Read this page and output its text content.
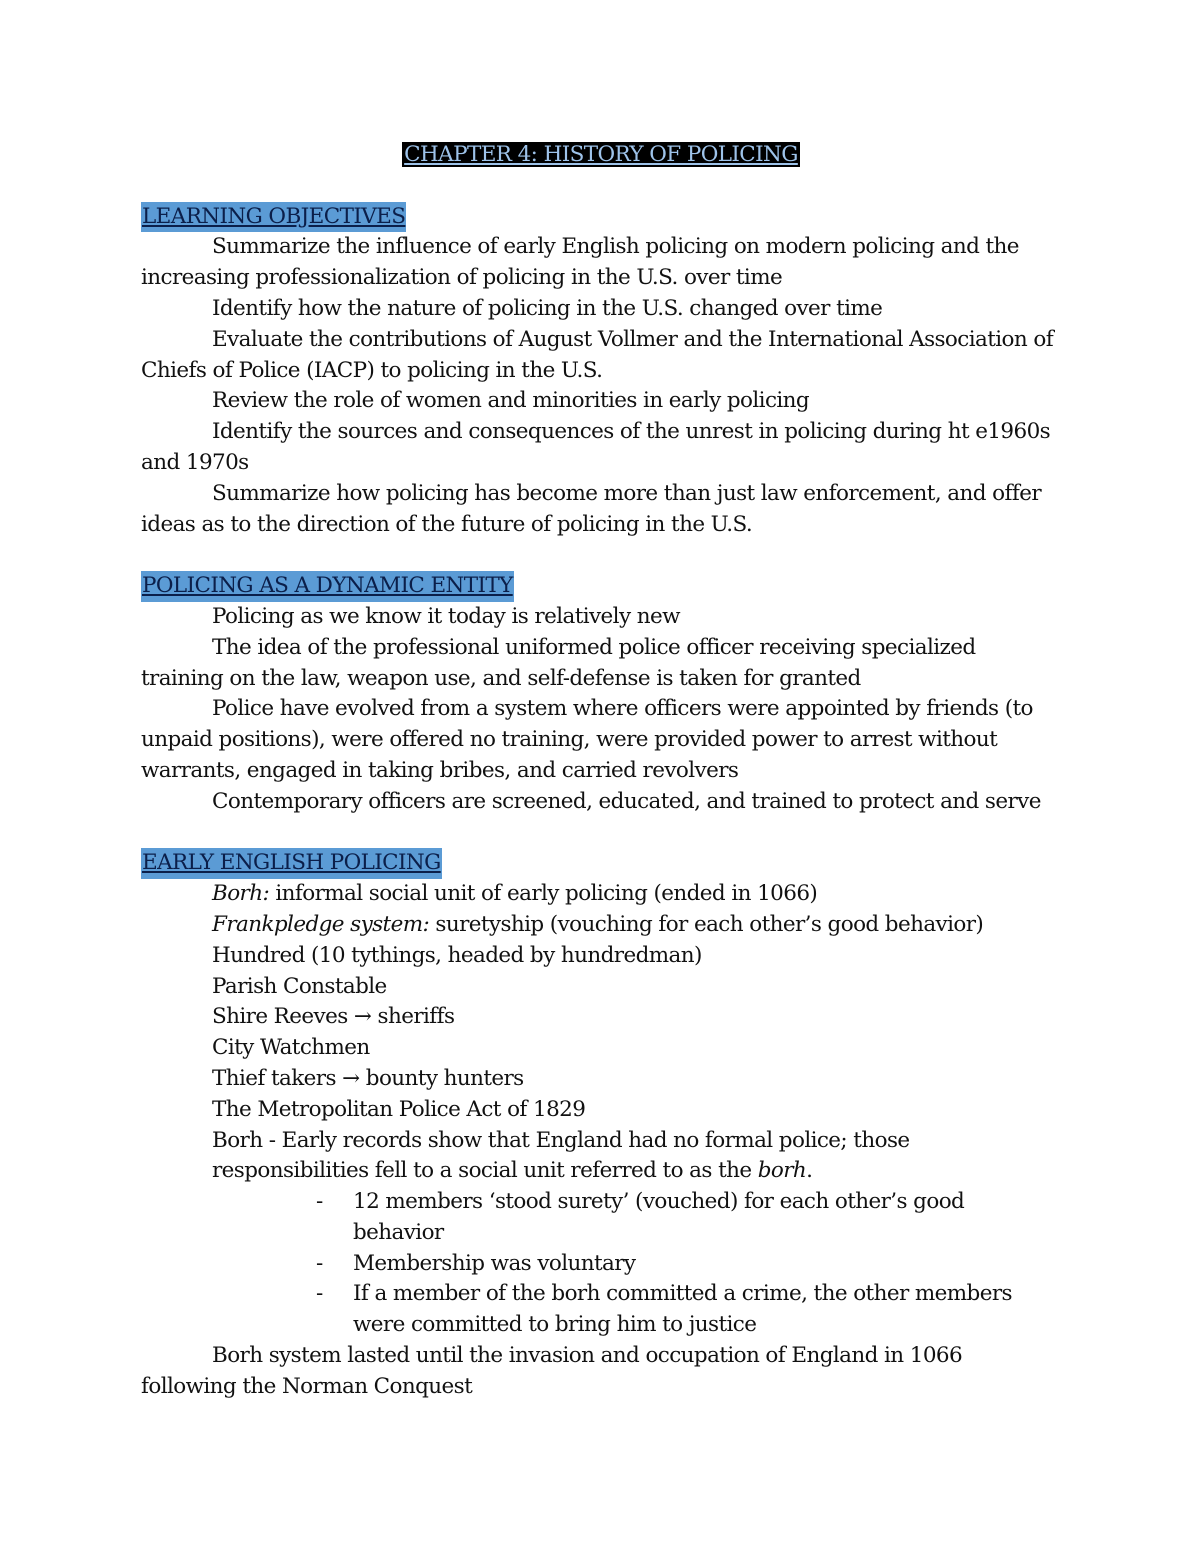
CHAPTER 4: HISTORY OF POLICING
LEARNING OBJECTIVES

Summarize the influence of early English policing on modern policing and the increasing professionalization of policing in the U.S. over time

Identify how the nature of policing in the U.S. changed over time

Evaluate the contributions of August Vollmer and the International Association of Chiefs of Police (IACP) to policing in the U.S.

Review the role of women and minorities in early policing

Identify the sources and consequences of the unrest in policing during ht e1960s and 1970s

Summarize how policing has become more than just law enforcement, and offer ideas as to the direction of the future of policing in the U.S.

POLICING AS A DYNAMIC ENTITY

Policing as we know it today is relatively new

The idea of the professional uniformed police officer receiving specialized training on the law, weapon use, and self-defense is taken for granted

Police have evolved from a system where officers were appointed by friends (to unpaid positions), were offered no training, were provided power to arrest without warrants, engaged in taking bribes, and carried revolvers

Contemporary officers are screened, educated, and trained to protect and serve

EARLY ENGLISH POLICING

Borh: informal social unit of early policing (ended in 1066)

Frankpledge system: suretyship (vouching for each other’s good behavior)

Hundred (10 tythings, headed by hundredman)

Parish Constable

Shire Reeves → sheriffs

City Watchmen

Thief takers → bounty hunters

The Metropolitan Police Act of 1829

Borh - Early records show that England had no formal police; those responsibilities fell to a social unit referred to as the borh.

- 12 members ‘stood surety’ (vouched) for each other’s good behavior
- Membership was voluntary
- If a member of the borh committed a crime, the other members were committed to bring him to justice

Borh system lasted until the invasion and occupation of England in 1066 following the Norman Conquest
